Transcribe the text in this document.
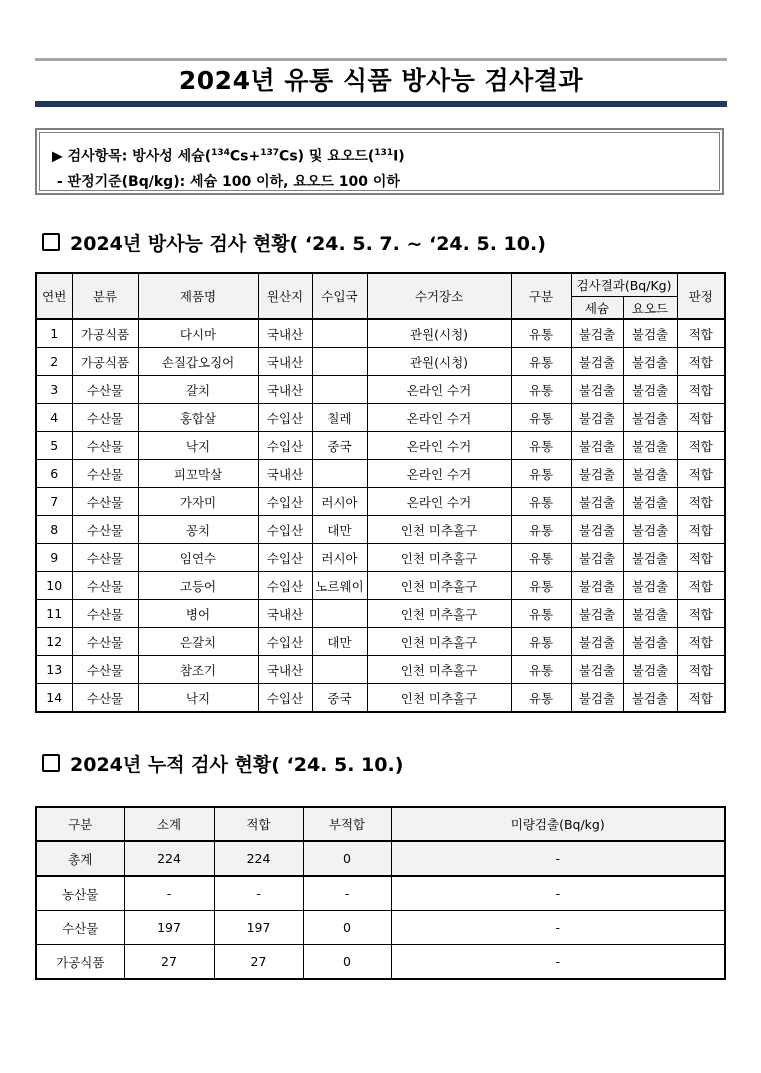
2024년 유통 식품 방사능 검사결과
▶ 검사항목: 방사성 세슘($^{134}$Cs+$^{137}$Cs) 및 요오드($^{131}$I)
- 판정기준(Bq/kg): 세슘 100 이하, 요오드 100 이하
2024년 방사능 검사 현황( ‘24. 5. 7. ~ ‘24. 5. 10.)
연번	분류	제품명	원산지	수입국	수거장소	구분	검사결과(Bq/Kg)		판정
							세슘	요오드	
1	가공식품	다시마	국내산		관원(시청)	유통	불검출	불검출	적합
2	가공식품	손질갑오징어	국내산		관원(시청)	유통	불검출	불검출	적합
3	수산물	갈치	국내산		온라인 수거	유통	불검출	불검출	적합
4	수산물	홍합살	수입산	칠레	온라인 수거	유통	불검출	불검출	적합
5	수산물	낙지	수입산	중국	온라인 수거	유통	불검출	불검출	적합
6	수산물	피꼬막살	국내산		온라인 수거	유통	불검출	불검출	적합
7	수산물	가자미	수입산	러시아	온라인 수거	유통	불검출	불검출	적합
8	수산물	꽁치	수입산	대만	인천 미추홀구	유통	불검출	불검출	적합
9	수산물	임연수	수입산	러시아	인천 미추홀구	유통	불검출	불검출	적합
10	수산물	고등어	수입산	노르웨이	인천 미추홀구	유통	불검출	불검출	적합
11	수산물	병어	국내산		인천 미추홀구	유통	불검출	불검출	적합
12	수산물	은갈치	수입산	대만	인천 미추홀구	유통	불검출	불검출	적합
13	수산물	참조기	국내산		인천 미추홀구	유통	불검출	불검출	적합
14	수산물	낙지	수입산	중국	인천 미추홀구	유통	불검출	불검출	적합
2024년 누적 검사 현황( ‘24. 5. 10.)
구분	소계	적합	부적합	미량검출(Bq/kg)
총계	224	224	0	-
농산물	-	-	-	-
수산물	197	197	0	-
가공식품	27	27	0	-
